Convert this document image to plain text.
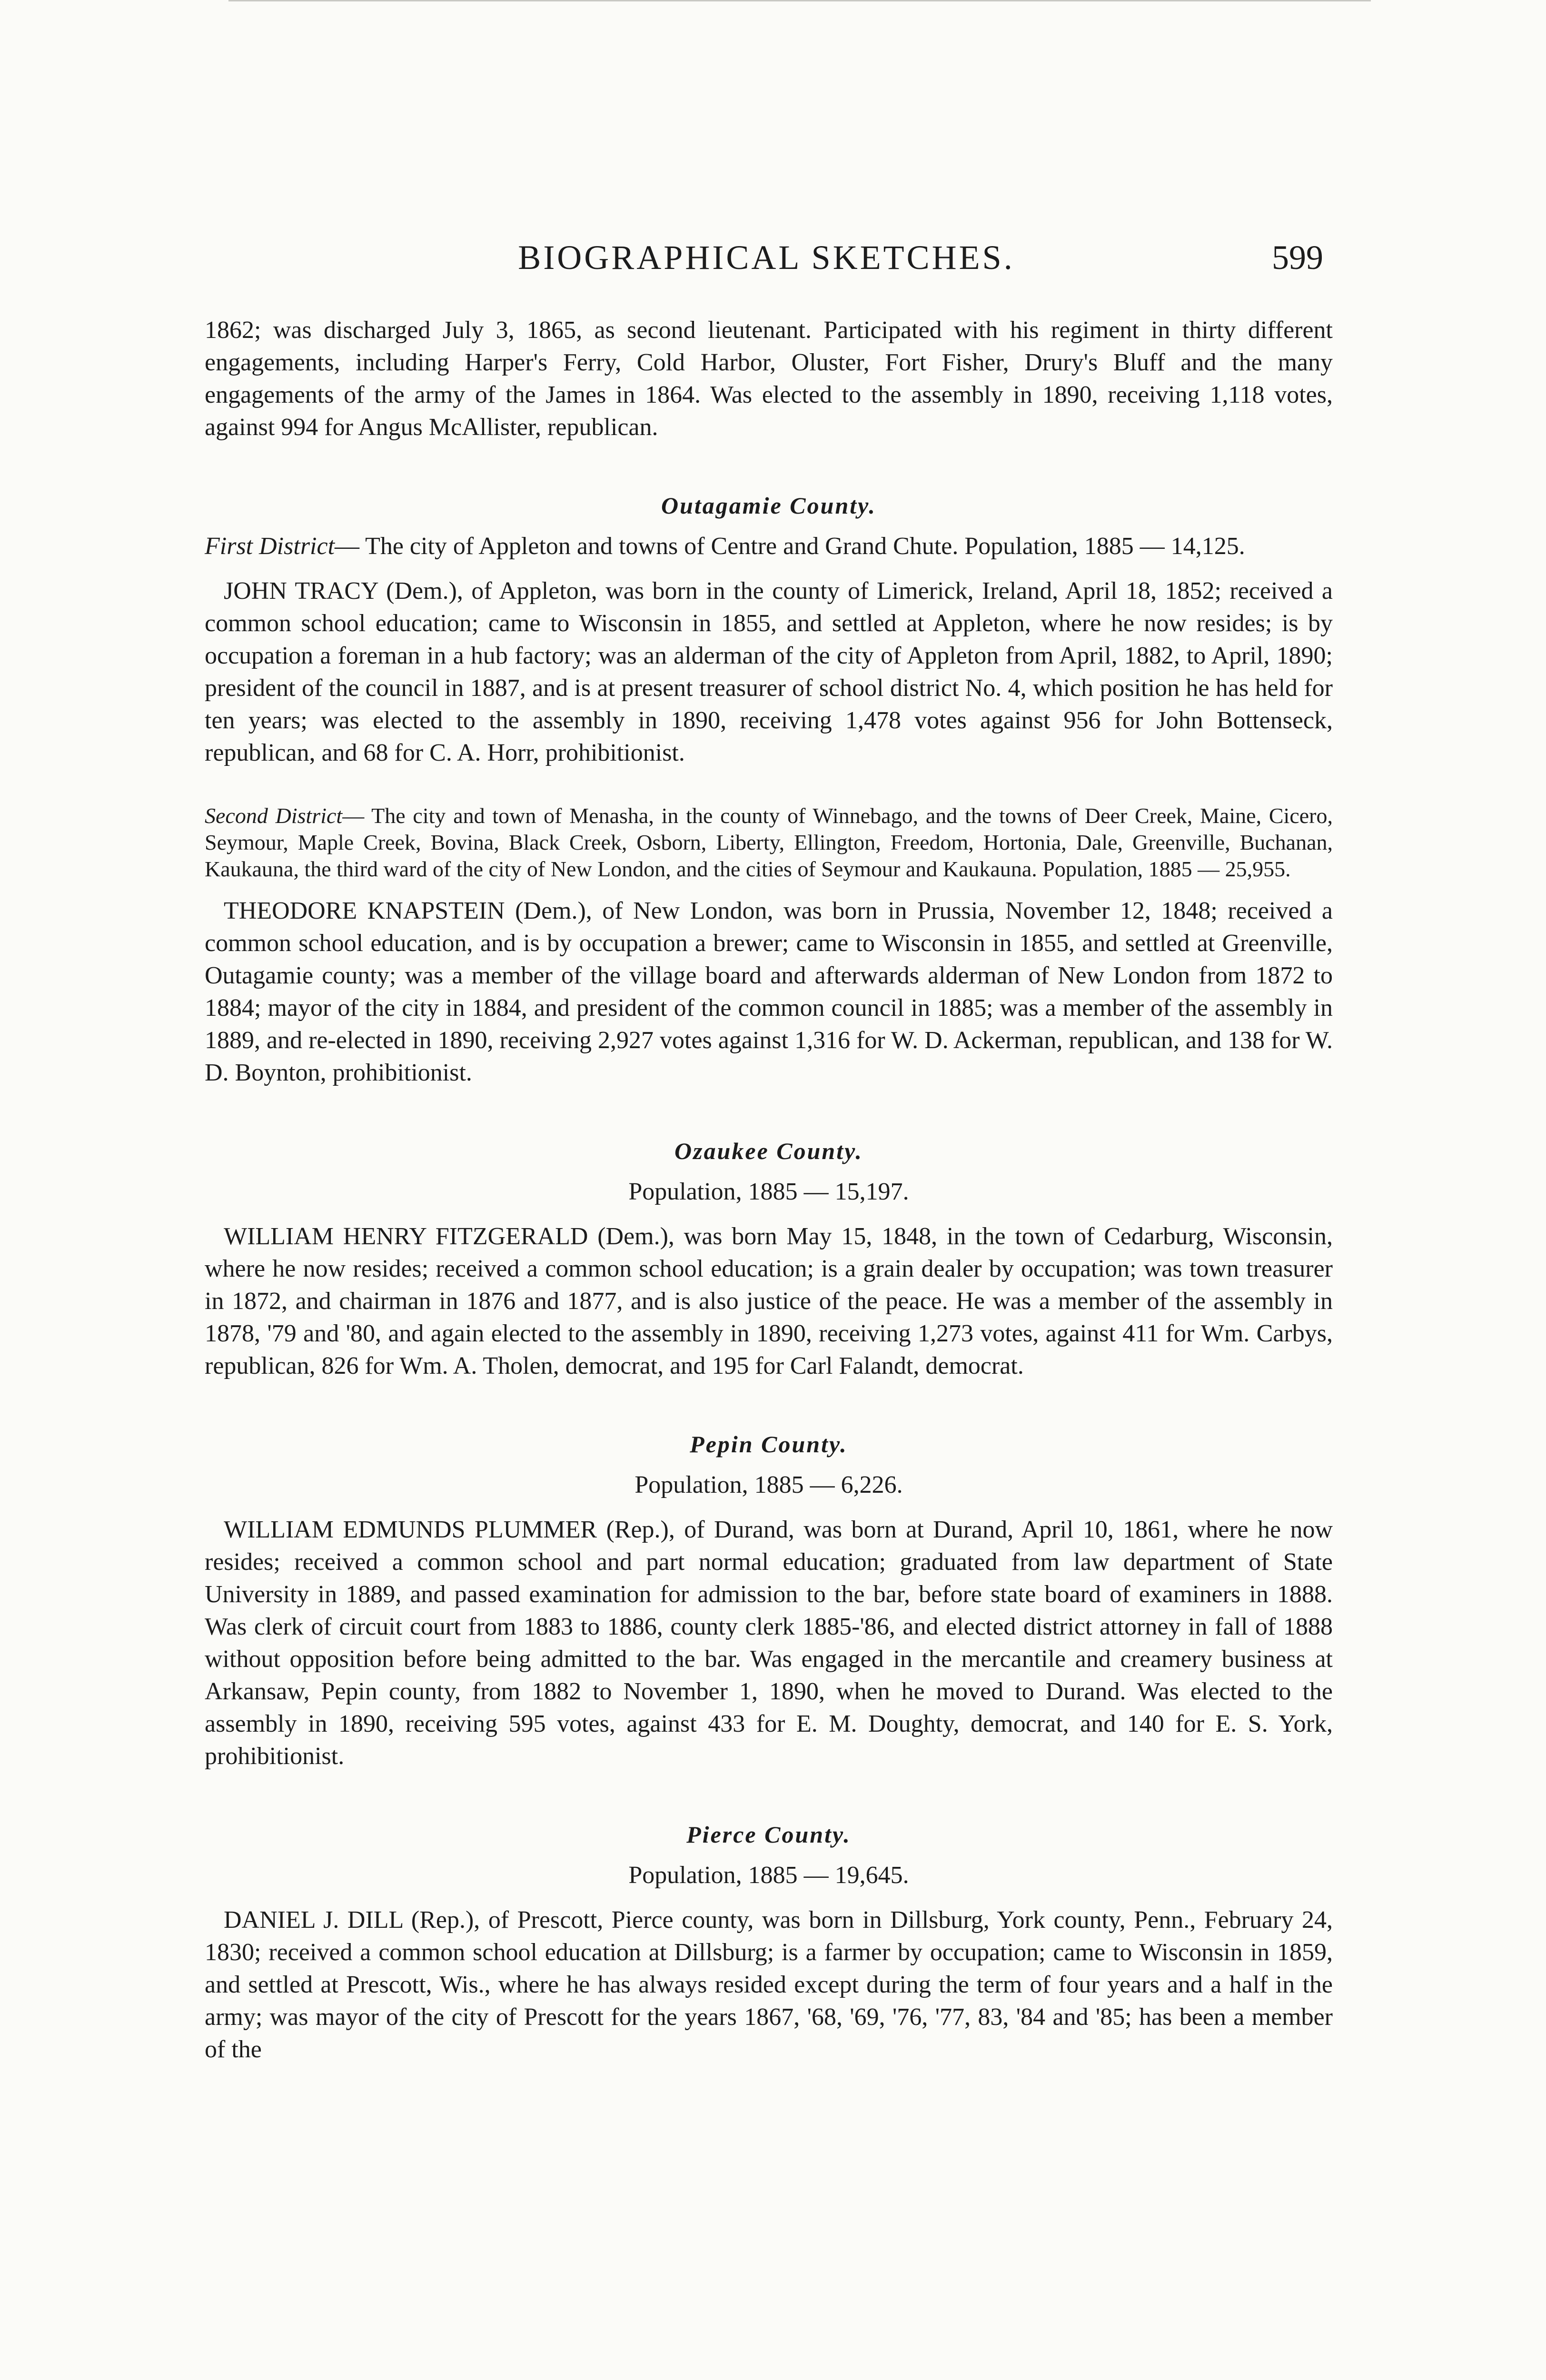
BIOGRAPHICAL SKETCHES.	599

1862; was discharged July 3, 1865, as second lieutenant. Participated with his regiment in thirty different engagements, including Harper's Ferry, Cold Harbor, Oluster, Fort Fisher, Drury's Bluff and the many engagements of the army of the James in 1864. Was elected to the assembly in 1890, receiving 1,118 votes, against 994 for Angus McAllister, republican.

Outagamie County.
First District— The city of Appleton and towns of Centre and Grand Chute. Population, 1885 — 14,125.

JOHN TRACY (Dem.), of Appleton, was born in the county of Limerick, Ireland, April 18, 1852; received a common school education; came to Wisconsin in 1855, and settled at Appleton, where he now resides; is by occupation a foreman in a hub factory; was an alderman of the city of Appleton from April, 1882, to April, 1890; president of the council in 1887, and is at present treasurer of school district No. 4, which position he has held for ten years; was elected to the assembly in 1890, receiving 1,478 votes against 956 for John Bottenseck, republican, and 68 for C. A. Horr, prohibitionist.

Second District— The city and town of Menasha, in the county of Winnebago, and the towns of Deer Creek, Maine, Cicero, Seymour, Maple Creek, Bovina, Black Creek, Osborn, Liberty, Ellington, Freedom, Hortonia, Dale, Greenville, Buchanan, Kaukauna, the third ward of the city of New London, and the cities of Seymour and Kaukauna. Population, 1885 — 25,955.

THEODORE KNAPSTEIN (Dem.), of New London, was born in Prussia, November 12, 1848; received a common school education, and is by occupation a brewer; came to Wisconsin in 1855, and settled at Greenville, Outagamie county; was a member of the village board and afterwards alderman of New London from 1872 to 1884; mayor of the city in 1884, and president of the common council in 1885; was a member of the assembly in 1889, and re-elected in 1890, receiving 2,927 votes against 1,316 for W. D. Ackerman, republican, and 138 for W. D. Boynton, prohibitionist.

Ozaukee County.
Population, 1885 — 15,197.

WILLIAM HENRY FITZGERALD (Dem.), was born May 15, 1848, in the town of Cedarburg, Wisconsin, where he now resides; received a common school education; is a grain dealer by occupation; was town treasurer in 1872, and chairman in 1876 and 1877, and is also justice of the peace. He was a member of the assembly in 1878, '79 and '80, and again elected to the assembly in 1890, receiving 1,273 votes, against 411 for Wm. Carbys, republican, 826 for Wm. A. Tholen, democrat, and 195 for Carl Falandt, democrat.

Pepin County.
Population, 1885 — 6,226.

WILLIAM EDMUNDS PLUMMER (Rep.), of Durand, was born at Durand, April 10, 1861, where he now resides; received a common school and part normal education; graduated from law department of State University in 1889, and passed examination for admission to the bar, before state board of examiners in 1888. Was clerk of circuit court from 1883 to 1886, county clerk 1885-'86, and elected district attorney in fall of 1888 without opposition before being admitted to the bar. Was engaged in the mercantile and creamery business at Arkansaw, Pepin county, from 1882 to November 1, 1890, when he moved to Durand. Was elected to the assembly in 1890, receiving 595 votes, against 433 for E. M. Doughty, democrat, and 140 for E. S. York, prohibitionist.

Pierce County.
Population, 1885 — 19,645.

DANIEL J. DILL (Rep.), of Prescott, Pierce county, was born in Dillsburg, York county, Penn., February 24, 1830; received a common school education at Dillsburg; is a farmer by occupation; came to Wisconsin in 1859, and settled at Prescott, Wis., where he has always resided except during the term of four years and a half in the army; was mayor of the city of Prescott for the years 1867, '68, '69, '76, '77, 83, '84 and '85; has been a member of the
